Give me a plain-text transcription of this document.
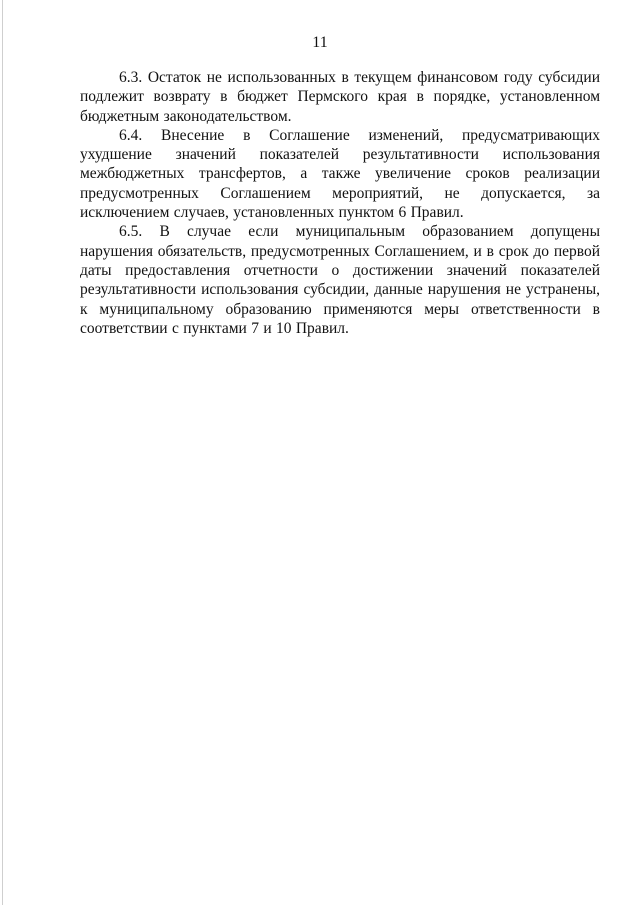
11

6.3. Остаток не использованных в текущем финансовом году субсидии подлежит возврату в бюджет Пермского края в порядке, установленном бюджетным законодательством.

6.4. Внесение в Соглашение изменений, предусматривающих ухудшение значений показателей результативности использования межбюджетных трансфертов, а также увеличение сроков реализации предусмотренных Соглашением мероприятий, не допускается, за исключением случаев, установленных пунктом 6 Правил.

6.5. В случае если муниципальным образованием допущены нарушения обязательств, предусмотренных Соглашением, и в срок до первой даты предоставления отчетности о достижении значений показателей результативности использования субсидии, данные нарушения не устранены, к муниципальному образованию применяются меры ответственности в соответствии с пунктами 7 и 10 Правил.
